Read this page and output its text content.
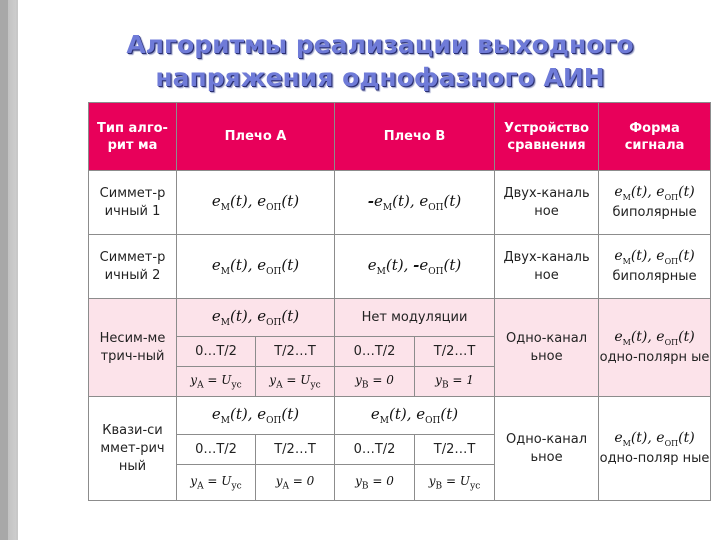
Алгоритмы реализации выходного
напряжения однофазного АИН
Тип алго-рит ма	Плечо A		Плечо B		Устройство сравнения	Форма сигнала
Симмет-р ичный 1	$e_М(t)$, $e_{ОП}(t)$		$-e_М(t)$, $e_{ОП}(t)$		Двух-каналь ное	$e_М(t)$, $e_{ОП}(t)$
биполярные

Симмет-р ичный 2	$e_М(t)$, $e_{ОП}(t)$		$e_М(t)$, $-e_{ОП}(t)$		Двух-каналь ное	$e_М(t)$, $e_{ОП}(t)$
биполярные

Несим-ме трич-ный	$e_М(t)$, $e_{ОП}(t)$		Нет модуляции		Одно-канал ьное	$e_М(t)$, $e_{ОП}(t)$
одно-полярн ые

	0…T/2	T/2…T	0…T/2	T/2…T		
	$y_A = U_{ус}$	$y_A = U_{ус}$	$y_B = 0$	$y_B = 1$		
Квази-си ммет-рич ный	$e_М(t)$, $e_{ОП}(t)$		$e_М(t)$, $e_{ОП}(t)$		Одно-канал ьное	$e_М(t)$, $e_{ОП}(t)$
одно-поляр ные

	0…T/2	T/2…T	0…T/2	T/2…T		
	$y_A = U_{ус}$	$y_A = 0$	$y_B = 0$	$y_B = U_{ус}$
